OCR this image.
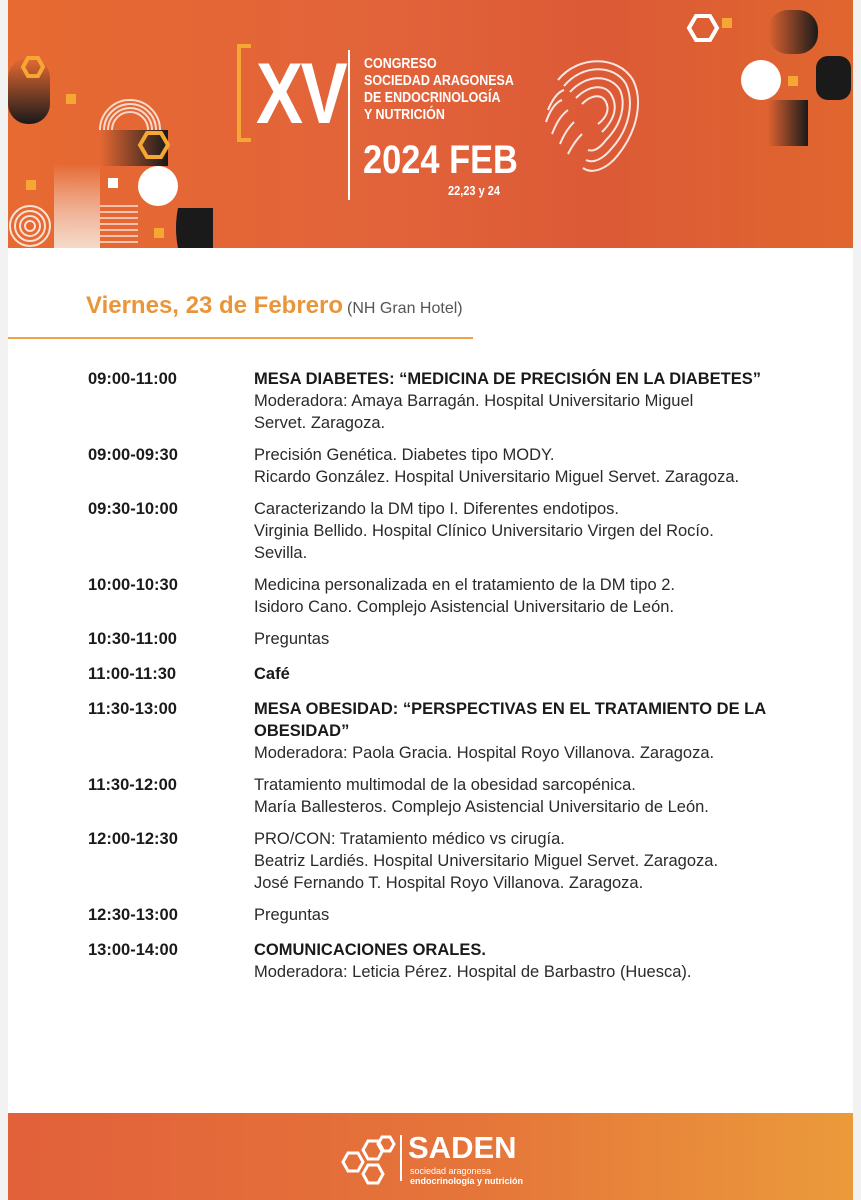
XV CONGRESO
SOCIEDAD ARAGONESA
DE ENDOCRINOLOGÍA
Y NUTRICIÓN
2024 FEB
22,23 y 24
Viernes, 23 de Febrero (NH Gran Hotel)
09:00-11:00	MESA DIABETES: “MEDICINA DE PRECISIÓN EN LA DIABETES”
Moderadora: Amaya Barragán. Hospital Universitario Miguel
Servet. Zaragoza.
09:00-09:30	Precisión Genética. Diabetes tipo MODY.
Ricardo González. Hospital Universitario Miguel Servet. Zaragoza.
09:30-10:00	Caracterizando la DM tipo I. Diferentes endotipos.
Virginia Bellido. Hospital Clínico Universitario Virgen del Rocío.
Sevilla.
10:00-10:30	Medicina personalizada en el tratamiento de la DM tipo 2.
Isidoro Cano. Complejo Asistencial Universitario de León.
10:30-11:00	Preguntas
11:00-11:30	Café
11:30-13:00	MESA OBESIDAD: “PERSPECTIVAS EN EL TRATAMIENTO DE LA
OBESIDAD”
Moderadora: Paola Gracia. Hospital Royo Villanova. Zaragoza.
11:30-12:00	Tratamiento multimodal de la obesidad sarcopénica.
María Ballesteros. Complejo Asistencial Universitario de León.
12:00-12:30	PRO/CON: Tratamiento médico vs cirugía.
Beatriz Lardiés. Hospital Universitario Miguel Servet. Zaragoza.
José Fernando T. Hospital Royo Villanova. Zaragoza.
12:30-13:00	Preguntas
13:00-14:00	COMUNICACIONES ORALES.
Moderadora: Leticia Pérez. Hospital de Barbastro (Huesca).
SADEN
sociedad aragonesa
endocrinología y nutrición
